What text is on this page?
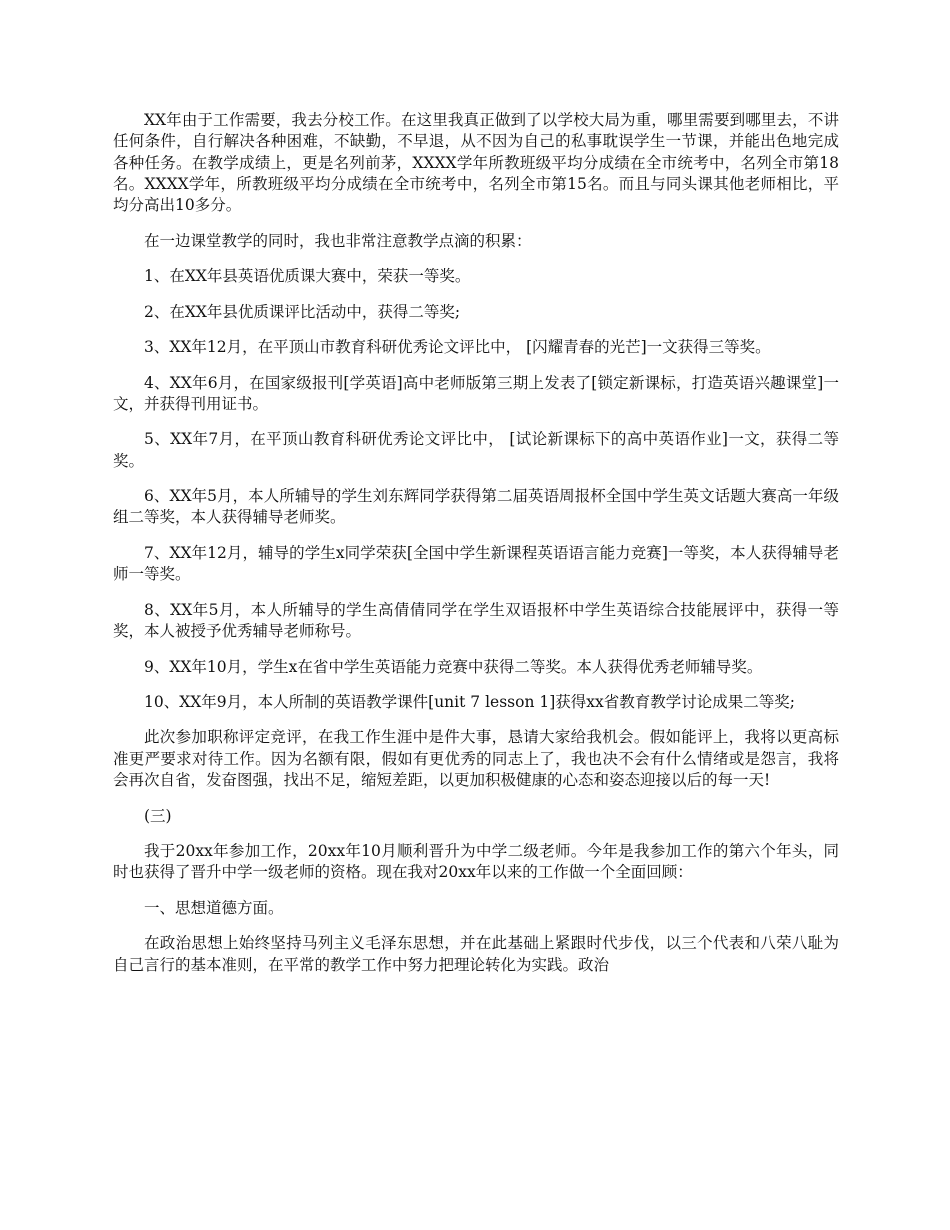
XX年由于工作需要，我去分校工作。在这里我真正做到了以学校大局为重，哪里需要到哪里去，不讲任何条件，自行解决各种困难，不缺勤，不早退，从不因为自己的私事耽误学生一节课，并能出色地完成各种任务。在教学成绩上，更是名列前茅，XXXX学年所教班级平均分成绩在全市统考中，名列全市第18名。XXXX学年，所教班级平均分成绩在全市统考中，名列全市第15名。而且与同头课其他老师相比，平均分高出10多分。

在一边课堂教学的同时，我也非常注意教学点滴的积累：

1、在XX年县英语优质课大赛中，荣获一等奖。

2、在XX年县优质课评比活动中，获得二等奖;

3、XX年12月，在平顶山市教育科研优秀论文评比中， [闪耀青春的光芒]一文获得三等奖。

4、XX年6月，在国家级报刊[学英语]高中老师版第三期上发表了[锁定新课标，打造英语兴趣课堂]一文，并获得刊用证书。

5、XX年7月，在平顶山教育科研优秀论文评比中， [试论新课标下的高中英语作业]一文，获得二等奖。

6、XX年5月，本人所辅导的学生刘东辉同学获得第二届英语周报杯全国中学生英文话题大赛高一年级组二等奖，本人获得辅导老师奖。

7、XX年12月，辅导的学生x同学荣获[全国中学生新课程英语语言能力竞赛]一等奖，本人获得辅导老师一等奖。

8、XX年5月，本人所辅导的学生高倩倩同学在学生双语报杯中学生英语综合技能展评中，获得一等奖，本人被授予优秀辅导老师称号。

9、XX年10月，学生x在省中学生英语能力竞赛中获得二等奖。本人获得优秀老师辅导奖。

10、XX年9月，本人所制的英语教学课件[unit 7 lesson 1]获得xx省教育教学讨论成果二等奖;

此次参加职称评定竞评，在我工作生涯中是件大事，恳请大家给我机会。假如能评上，我将以更高标准更严要求对待工作。因为名额有限，假如有更优秀的同志上了，我也决不会有什么情绪或是怨言，我将会再次自省，发奋图强，找出不足，缩短差距，以更加积极健康的心态和姿态迎接以后的每一天!

(三)

我于20xx年参加工作，20xx年10月顺利晋升为中学二级老师。今年是我参加工作的第六个年头，同时也获得了晋升中学一级老师的资格。现在我对20xx年以来的工作做一个全面回顾：

一、思想道德方面。

在政治思想上始终坚持马列主义毛泽东思想，并在此基础上紧跟时代步伐，以三个代表和八荣八耻为自己言行的基本准则，在平常的教学工作中努力把理论转化为实践。政治
